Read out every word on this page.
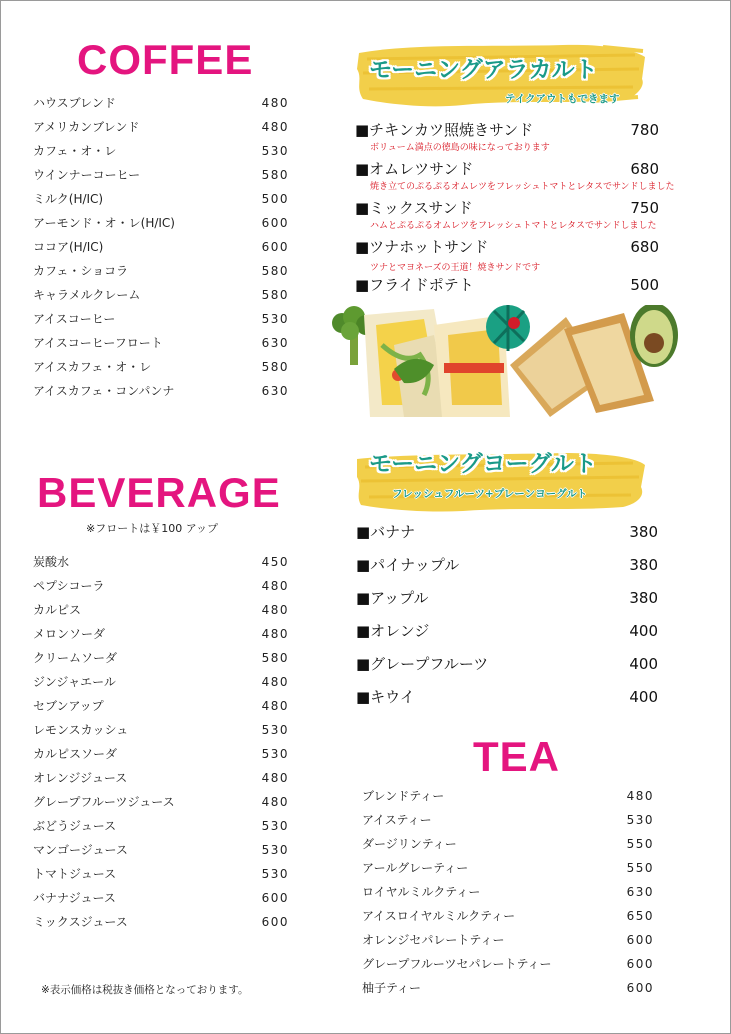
COFFEE
ハウスブレンド	480
アメリカンブレンド	480
カフェ・オ・レ	530
ウインナーコーヒー	580
ミルク(H/IC)	500
アーモンド・オ・レ(H/IC)	600
ココア(H/IC)	600
カフェ・ショコラ	580
キャラメルクレーム	580
アイスコーヒー	530
アイスコーヒーフロート	630
アイスカフェ・オ・レ	580
アイスカフェ・コンパンナ	630
BEVERAGE
※フロートは￥100 アップ
炭酸水	450
ペプシコーラ	480
カルピス	480
メロンソーダ	480
クリームソーダ	580
ジンジャエール	480
セブンアップ	480
レモンスカッシュ	530
カルピスソーダ	530
オレンジジュース	480
グレープフルーツジュース	480
ぶどうジュース	530
マンゴージュース	530
トマトジュース	530
バナナジュース	600
ミックスジュース	600
※表示価格は税抜き価格となっております。
モーニングアラカルト
テイクアウトもできます
■チキンカツ照焼きサンド	780
ボリューム満点の徳島の味になっております
■オムレツサンド	680
焼き立てのぷるぷるオムレツをフレッシュトマトとレタスでサンドしました
■ミックスサンド	750
ハムとぷるぷるオムレツをフレッシュトマトとレタスでサンドしました
■ツナホットサンド	680
ツナとマヨネーズの王道！焼きサンドです
■フライドポテト	500
モーニングヨーグルト
フレッシュフルーツ+プレーンヨーグルト
■バナナ	380
■パイナップル	380
■アップル	380
■オレンジ	400
■グレープフルーツ	400
■キウイ	400
TEA
ブレンドティー	480
アイスティー	530
ダージリンティー	550
アールグレーティー	550
ロイヤルミルクティー	630
アイスロイヤルミルクティー	650
オレンジセパレートティー	600
グレープフルーツセパレートティー	600
柚子ティー	600
